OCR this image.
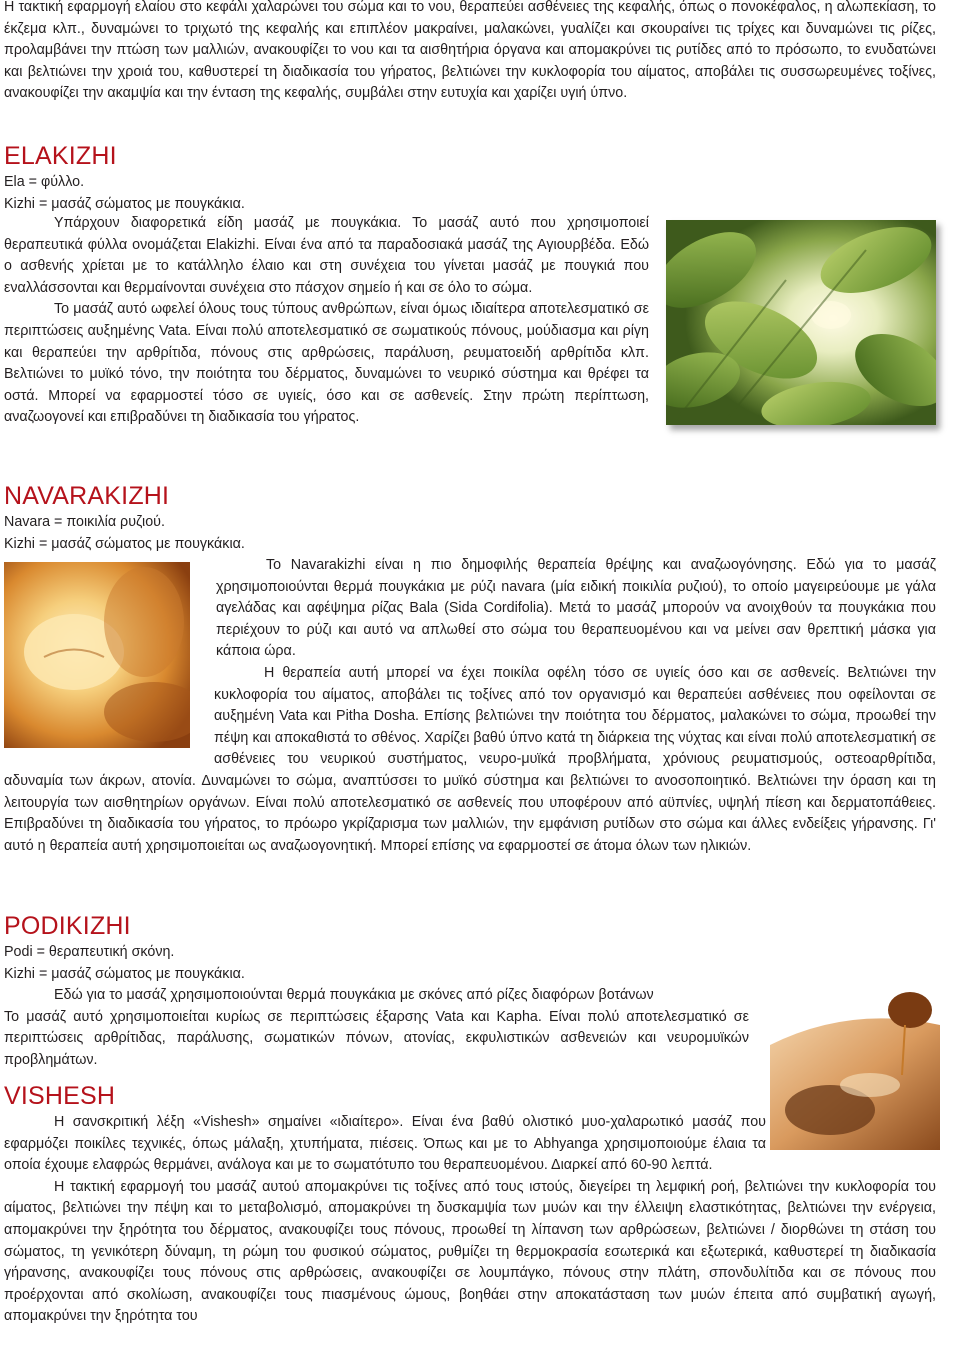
Η τακτική εφαρμογή ελαίου στο κεφάλι χαλαρώνει του σώμα και το νου, θεραπεύει ασθένειες της κεφαλής, όπως ο πονοκέφαλος, η αλωπεκίαση, το έκζεμα κλπ., δυναμώνει το τριχωτό της κεφαλής και επιπλέον μακραίνει, μαλακώνει, γυαλίζει και σκουραίνει τις τρίχες και δυναμώνει τις ρίζες, προλαμβάνει την πτώση των μαλλιών, ανακουφίζει το νου και τα αισθητήρια όργανα και απομακρύνει τις ρυτίδες από το πρόσωπο, το ενυδατώνει και βελτιώνει την χροιά του, καθυστερεί τη διαδικασία του γήρατος, βελτιώνει την κυκλοφορία του αίματος, αποβάλει τις συσσωρευμένες τοξίνες, ανακουφίζει την ακαμψία και την ένταση της κεφαλής, συμβάλει στην ευτυχία και χαρίζει υγιή ύπνο.

ELAKIZHI
Ela = φύλλο.
Kizhi = μασάζ σώματος με πουγκάκια.

Υπάρχουν διαφορετικά είδη μασάζ με πουγκάκια. Το μασάζ αυτό που χρησιμοποιεί θεραπευτικά φύλλα ονομάζεται Elakizhi. Είναι ένα από τα παραδοσιακά μασάζ της Αγιουρβέδα. Εδώ ο ασθενής χρίεται με το κατάλληλο έλαιο και στη συνέχεια του γίνεται μασάζ με πουγκιά που εναλλάσσονται και θερμαίνονται συνέχεια στο πάσχον σημείο ή και σε όλο το σώμα.

Το μασάζ αυτό ωφελεί όλους τους τύπους ανθρώπων, είναι όμως ιδιαίτερα αποτελεσματικό σε περιπτώσεις αυξημένης Vata. Είναι πολύ αποτελεσματικό σε σωματικούς πόνους, μούδιασμα και ρίγη και θεραπεύει την αρθρίτιδα, πόνους στις αρθρώσεις, παράλυση, ρευματοειδή αρθρίτιδα κλπ. Βελτιώνει το μυϊκό τόνο, την ποιότητα του δέρματος, δυναμώνει το νευρικό σύστημα και θρέφει τα οστά. Μπορεί να εφαρμοστεί τόσο σε υγιείς, όσο και σε ασθενείς. Στην πρώτη περίπτωση, αναζωογονεί και επιβραδύνει τη διαδικασία του γήρατος.

NAVARAKIZHI
Navara = ποικιλία ρυζιού.
Kizhi = μασάζ σώματος με πουγκάκια.

Το Navarakizhi είναι η πιο δημοφιλής θεραπεία θρέψης και αναζωογόνησης. Εδώ για το μασάζ χρησιμοποιούνται θερμά πουγκάκια με ρύζι navara (μία ειδική ποικιλία ρυζιού), το οποίο μαγειρεύουμε με γάλα αγελάδας και αφέψημα ρίζας Bala (Sida Cordifolia). Μετά το μασάζ μπορούν να ανοιχθούν τα πουγκάκια που περιέχουν το ρύζι και αυτό να απλωθεί στο σώμα του θεραπευομένου και να μείνει σαν θρεπτική μάσκα για κάποια ώρα.

Η θεραπεία αυτή μπορεί να έχει ποικίλα οφέλη τόσο σε υγιείς όσο και σε ασθενείς. Βελτιώνει την κυκλοφορία του αίματος, αποβάλει τις τοξίνες από τον οργανισμό και θεραπεύει ασθένειες που οφείλονται σε αυξημένη Vata και Pitha Dosha. Επίσης βελτιώνει την ποιότητα του δέρματος, μαλακώνει το σώμα, προωθεί την πέψη και αποκαθιστά το σθένος. Χαρίζει βαθύ ύπνο κατά τη διάρκεια της νύχτας και είναι πολύ αποτελεσματική σε ασθένειες του νευρικού συστήματος, νευρο-μυϊκά προβλήματα, χρόνιους ρευματισμούς, οστεοαρθρίτιδα, αδυναμία των άκρων, ατονία. Δυναμώνει το σώμα, αναπτύσσει το μυϊκό σύστημα και βελτιώνει το ανοσοποιητικό. Βελτιώνει την όραση και τη λειτουργία των αισθητηρίων οργάνων. Είναι πολύ αποτελεσματικό σε ασθενείς που υποφέρουν από αϋπνίες, υψηλή πίεση και δερματοπάθειες. Επιβραδύνει τη διαδικασία του γήρατος, το πρόωρο γκρίζαρισμα των μαλλιών, την εμφάνιση ρυτίδων στο σώμα και άλλες ενδείξεις γήρανσης. Γι' αυτό η θεραπεία αυτή χρησιμοποιείται ως αναζωογονητική. Μπορεί επίσης να εφαρμοστεί σε άτομα όλων των ηλικιών.

PODIKIZHI
Podi = θεραπευτική σκόνη.
Kizhi = μασάζ σώματος με πουγκάκια.

Εδώ για το μασάζ χρησιμοποιούνται θερμά πουγκάκια με σκόνες από ρίζες διαφόρων βοτάνων

Το μασάζ αυτό χρησιμοποιείται κυρίως σε περιπτώσεις έξαρσης Vata και Kapha. Είναι πολύ αποτελεσματικό σε περιπτώσεις αρθρίτιδας, παράλυσης, σωματικών πόνων, ατονίας, εκφυλιστικών ασθενειών και νευρομυϊκών προβλημάτων.

VISHESH

Η σανσκριτική λέξη «Vishesh» σημαίνει «ιδιαίτερο». Είναι ένα βαθύ ολιστικό μυο-χαλαρωτικό μασάζ που εφαρμόζει ποικίλες τεχνικές, όπως μάλαξη, χτυπήματα, πιέσεις. Όπως και με το Abhyanga χρησιμοποιούμε έλαια τα οποία έχουμε ελαφρώς θερμάνει, ανάλογα και με το σωματότυπο του θεραπευομένου. Διαρκεί από 60-90 λεπτά.

Η τακτική εφαρμογή του μασάζ αυτού απομακρύνει τις τοξίνες από τους ιστούς, διεγείρει τη λεμφική ροή, βελτιώνει την κυκλοφορία του αίματος, βελτιώνει την πέψη και το μεταβολισμό, απομακρύνει τη δυσκαμψία των μυών και την έλλειψη ελαστικότητας, βελτιώνει την ενέργεια, απομακρύνει την ξηρότητα του δέρματος, ανακουφίζει τους πόνους, προωθεί τη λίπανση των αρθρώσεων, βελτιώνει / διορθώνει τη στάση του σώματος, τη γενικότερη δύναμη, τη ρώμη του φυσικού σώματος, ρυθμίζει τη θερμοκρασία εσωτερικά και εξωτερικά, καθυστερεί τη διαδικασία γήρανσης, ανακουφίζει τους πόνους στις αρθρώσεις, ανακουφίζει σε λουμπάγκο, πόνους στην πλάτη, σπονδυλίτιδα και σε πόνους που προέρχονται από σκολίωση, ανακουφίζει τους πιασμένους ώμους, βοηθάει στην αποκατάσταση των μυών έπειτα από συμβατική αγωγή, απομακρύνει την ξηρότητα του
